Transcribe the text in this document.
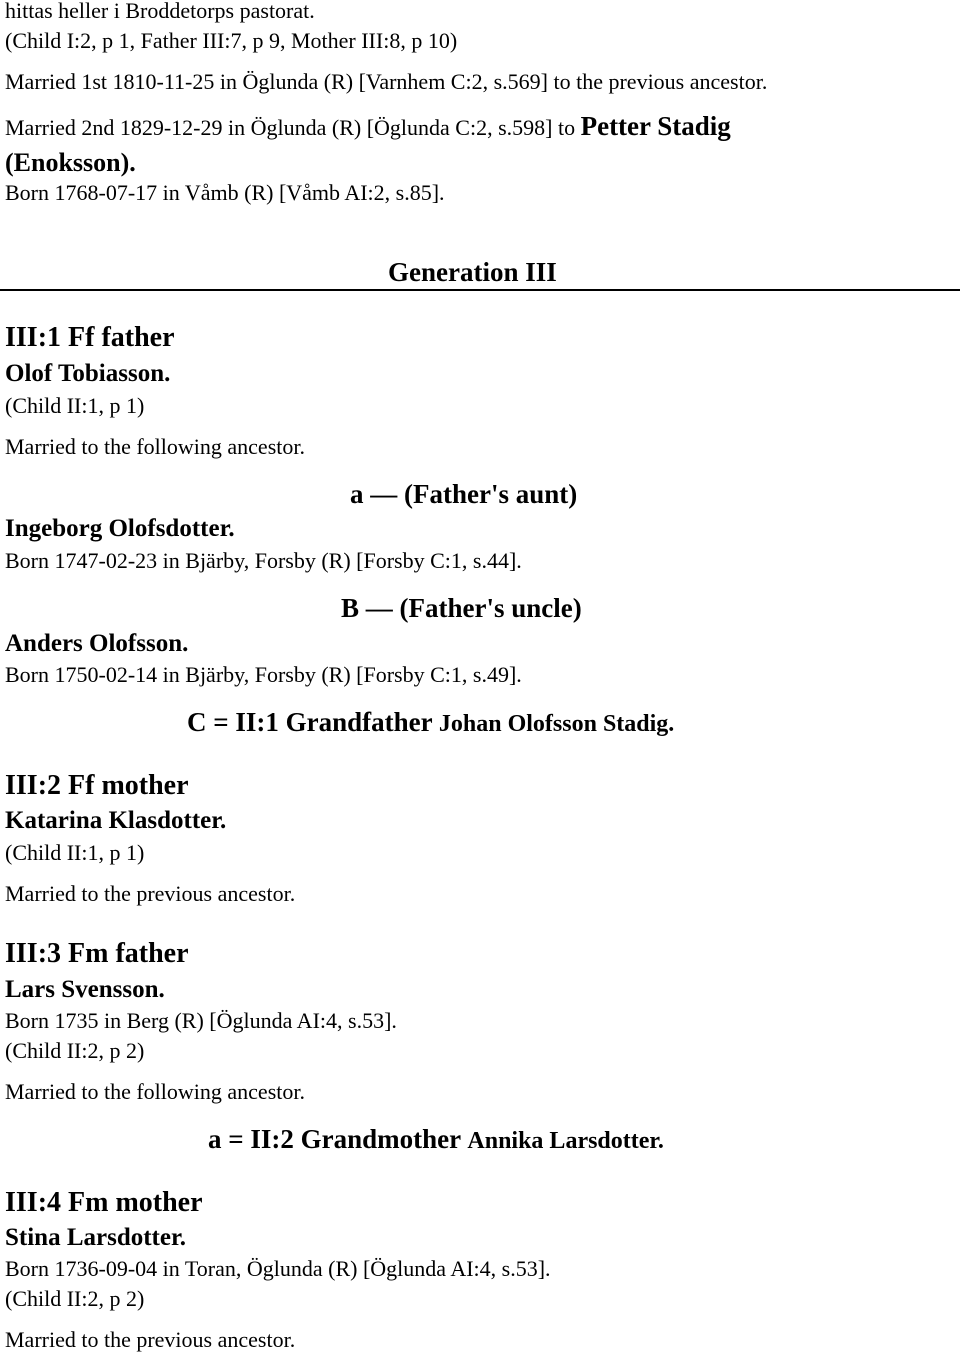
hittas heller i Broddetorps pastorat.
(Child I:2, p 1, Father III:7, p 9, Mother III:8, p 10)
Married 1st 1810-11-25 in Öglunda (R) [Varnhem C:2, s.569] to the previous ancestor.
Married 2nd 1829-12-29 in Öglunda (R) [Öglunda C:2, s.598] to Petter Stadig
(Enoksson).
Born 1768-07-17 in Våmb (R) [Våmb AI:2, s.85].
Generation III
III:1 Ff father
Olof Tobiasson.
(Child II:1, p 1)
Married to the following ancestor.
a — (Father's aunt)
Ingeborg Olofsdotter.
Born 1747-02-23 in Bjärby, Forsby (R) [Forsby C:1, s.44].
B — (Father's uncle)
Anders Olofsson.
Born 1750-02-14 in Bjärby, Forsby (R) [Forsby C:1, s.49].
C = II:1 Grandfather Johan Olofsson Stadig.
III:2 Ff mother
Katarina Klasdotter.
(Child II:1, p 1)
Married to the previous ancestor.
III:3 Fm father
Lars Svensson.
Born 1735 in Berg (R) [Öglunda AI:4, s.53].
(Child II:2, p 2)
Married to the following ancestor.
a = II:2 Grandmother Annika Larsdotter.
III:4 Fm mother
Stina Larsdotter.
Born 1736-09-04 in Toran, Öglunda (R) [Öglunda AI:4, s.53].
(Child II:2, p 2)
Married to the previous ancestor.
